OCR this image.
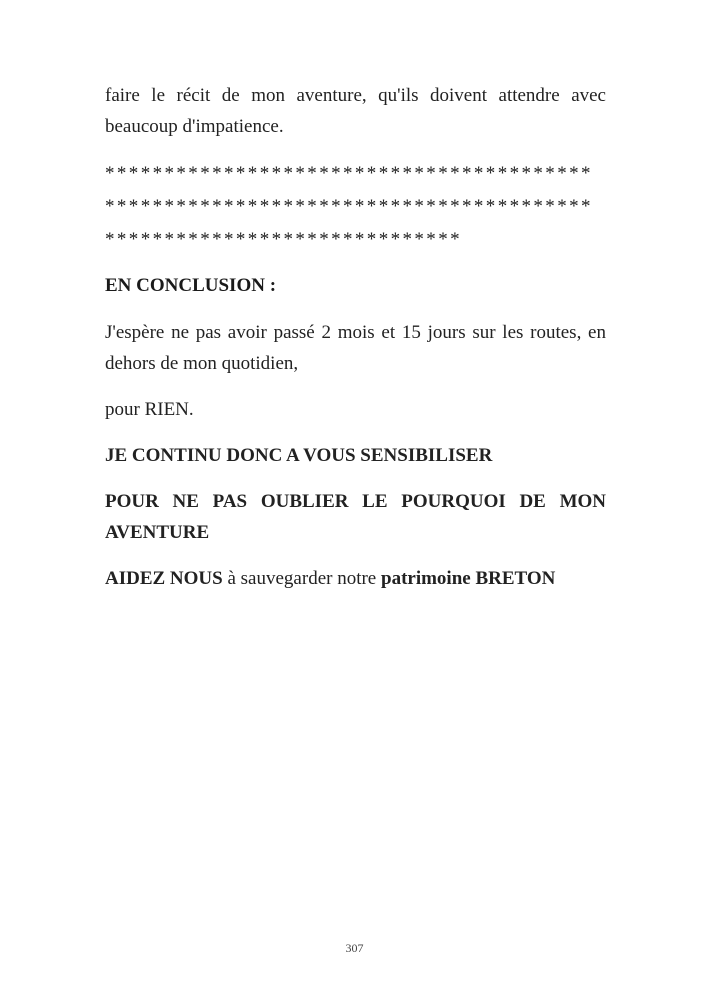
faire le récit de mon aventure, qu'ils doivent attendre avec beaucoup d'impatience.

*****************************************
*****************************************
******************************

EN CONCLUSION :

J'espère ne pas avoir passé 2 mois et 15 jours sur les routes, en dehors de mon quotidien,

pour RIEN.

JE CONTINU DONC A VOUS SENSIBILISER

POUR NE PAS OUBLIER LE POURQUOI DE MON AVENTURE

AIDEZ NOUS à sauvegarder notre patrimoine BRETON

307
